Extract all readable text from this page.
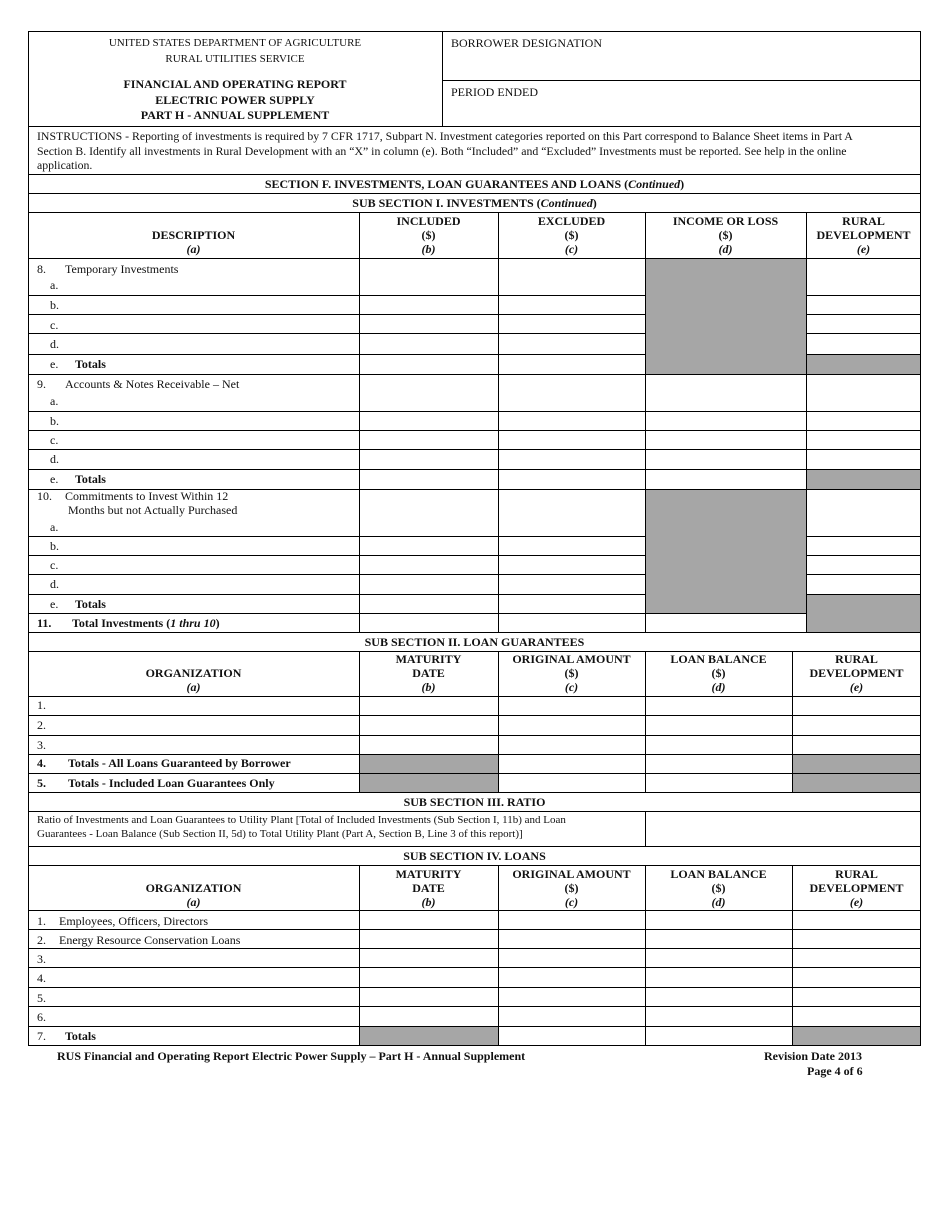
UNITED STATES DEPARTMENT OF AGRICULTURE
RURAL UTILITIES SERVICE
FINANCIAL AND OPERATING REPORT
ELECTRIC POWER SUPPLY
PART H - ANNUAL SUPPLEMENT
BORROWER DESIGNATION
PERIOD ENDED
INSTRUCTIONS - Reporting of investments is required by 7 CFR 1717, Subpart N. Investment categories reported on this Part correspond to Balance Sheet items in Part A
Section B. Identify all investments in Rural Development with an “X” in column (e). Both “Included” and “Excluded” Investments must be reported. See help in the online
application.
SECTION F. INVESTMENTS, LOAN GUARANTEES AND LOANS (Continued)
SUB SECTION I. INVESTMENTS (Continued)
DESCRIPTION
(a)
INCLUDED
($)
(b)
EXCLUDED
($)
(c)
INCOME OR LOSS
($)
(d)
RURAL
DEVELOPMENT
(e)
8. Temporary Investments
a.
b.
c.
d.
e. Totals
9. Accounts & Notes Receivable – Net
a.
b.
c.
d.
e. Totals
10. Commitments to Invest Within 12
Months but not Actually Purchased
a.
b.
c.
d.
e. Totals
11. Total Investments (1 thru 10)
SUB SECTION II. LOAN GUARANTEES
ORGANIZATION
(a)
MATURITY
DATE
(b)
ORIGINAL AMOUNT
($)
(c)
LOAN BALANCE
($)
(d)
RURAL
DEVELOPMENT
(e)
1.
2.
3.
4. Totals - All Loans Guaranteed by Borrower
5. Totals - Included Loan Guarantees Only
SUB SECTION III. RATIO
Ratio of Investments and Loan Guarantees to Utility Plant [Total of Included Investments (Sub Section I, 11b) and Loan
Guarantees - Loan Balance (Sub Section II, 5d) to Total Utility Plant (Part A, Section B, Line 3 of this report)]
SUB SECTION IV. LOANS
ORGANIZATION
(a)
MATURITY
DATE
(b)
ORIGINAL AMOUNT
($)
(c)
LOAN BALANCE
($)
(d)
RURAL
DEVELOPMENT
(e)
1. Employees, Officers, Directors
2. Energy Resource Conservation Loans
3.
4.
5.
6.
7. Totals
RUS Financial and Operating Report Electric Power Supply – Part H - Annual Supplement	Revision Date 2013
Page 4 of 6
